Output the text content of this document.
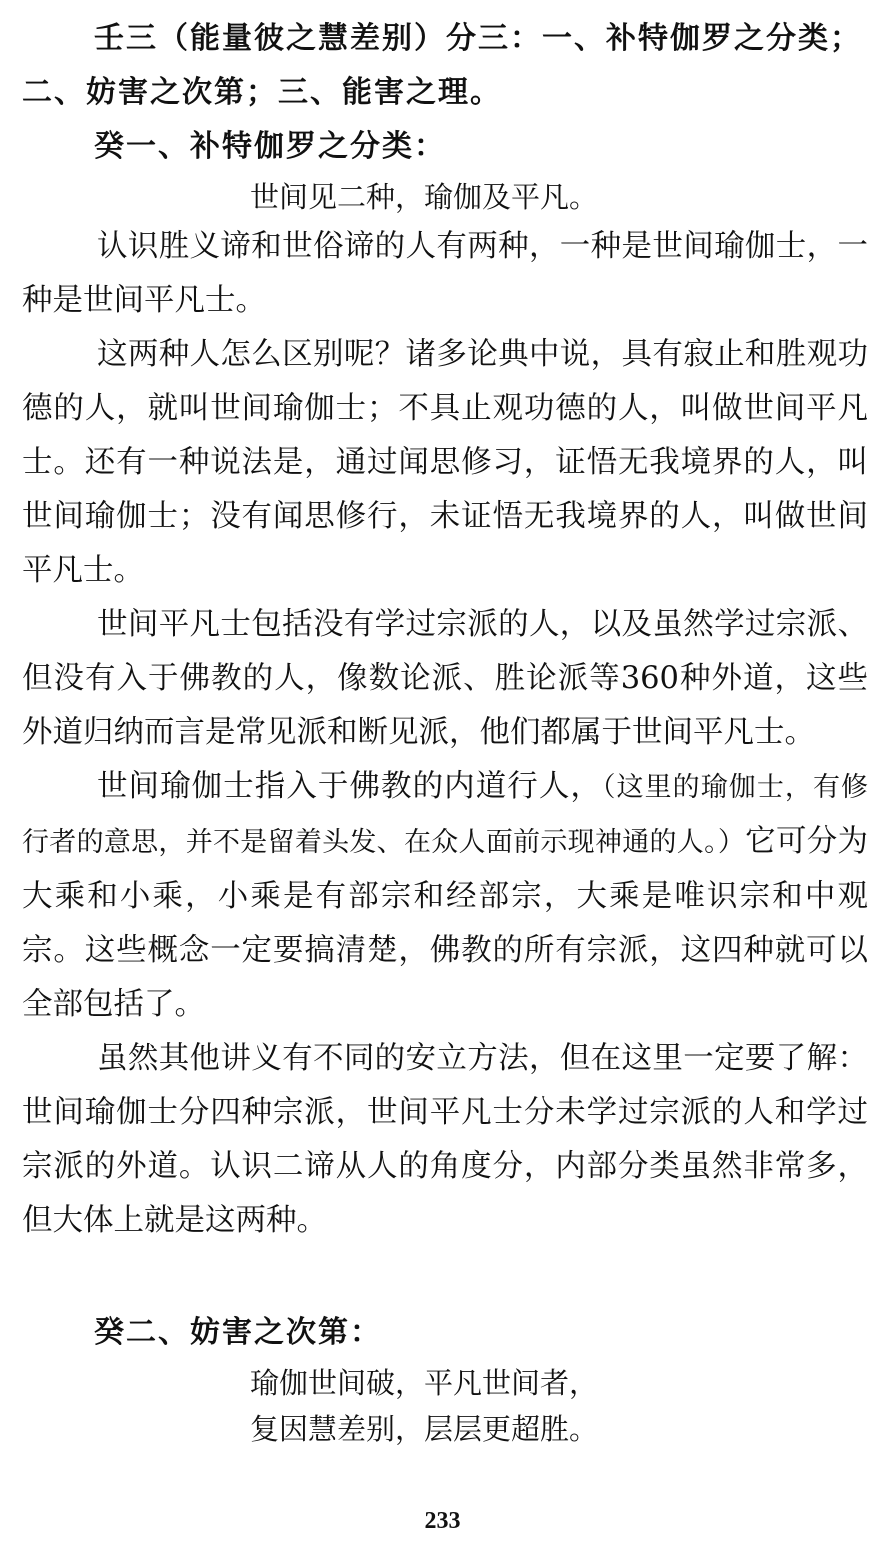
壬三（能量彼之慧差别）分三：一、补特伽罗之分类；二、妨害之次第；三、能害之理。

癸一、补特伽罗之分类：

世间见二种，瑜伽及平凡。

认识胜义谛和世俗谛的人有两种，一种是世间瑜伽士，一种是世间平凡士。

这两种人怎么区别呢？诸多论典中说，具有寂止和胜观功德的人，就叫世间瑜伽士；不具止观功德的人，叫做世间平凡士。还有一种说法是，通过闻思修习，证悟无我境界的人，叫世间瑜伽士；没有闻思修行，未证悟无我境界的人，叫做世间平凡士。

世间平凡士包括没有学过宗派的人，以及虽然学过宗派、但没有入于佛教的人，像数论派、胜论派等360种外道，这些外道归纳而言是常见派和断见派，他们都属于世间平凡士。

世间瑜伽士指入于佛教的内道行人，（这里的瑜伽士，有修行者的意思，并不是留着头发、在众人面前示现神通的人。）它可分为大乘和小乘，小乘是有部宗和经部宗，大乘是唯识宗和中观宗。这些概念一定要搞清楚，佛教的所有宗派，这四种就可以全部包括了。

虽然其他讲义有不同的安立方法，但在这里一定要了解：世间瑜伽士分四种宗派，世间平凡士分未学过宗派的人和学过宗派的外道。认识二谛从人的角度分，内部分类虽然非常多，但大体上就是这两种。

癸二、妨害之次第：

瑜伽世间破，平凡世间者，

复因慧差别，层层更超胜。

233
